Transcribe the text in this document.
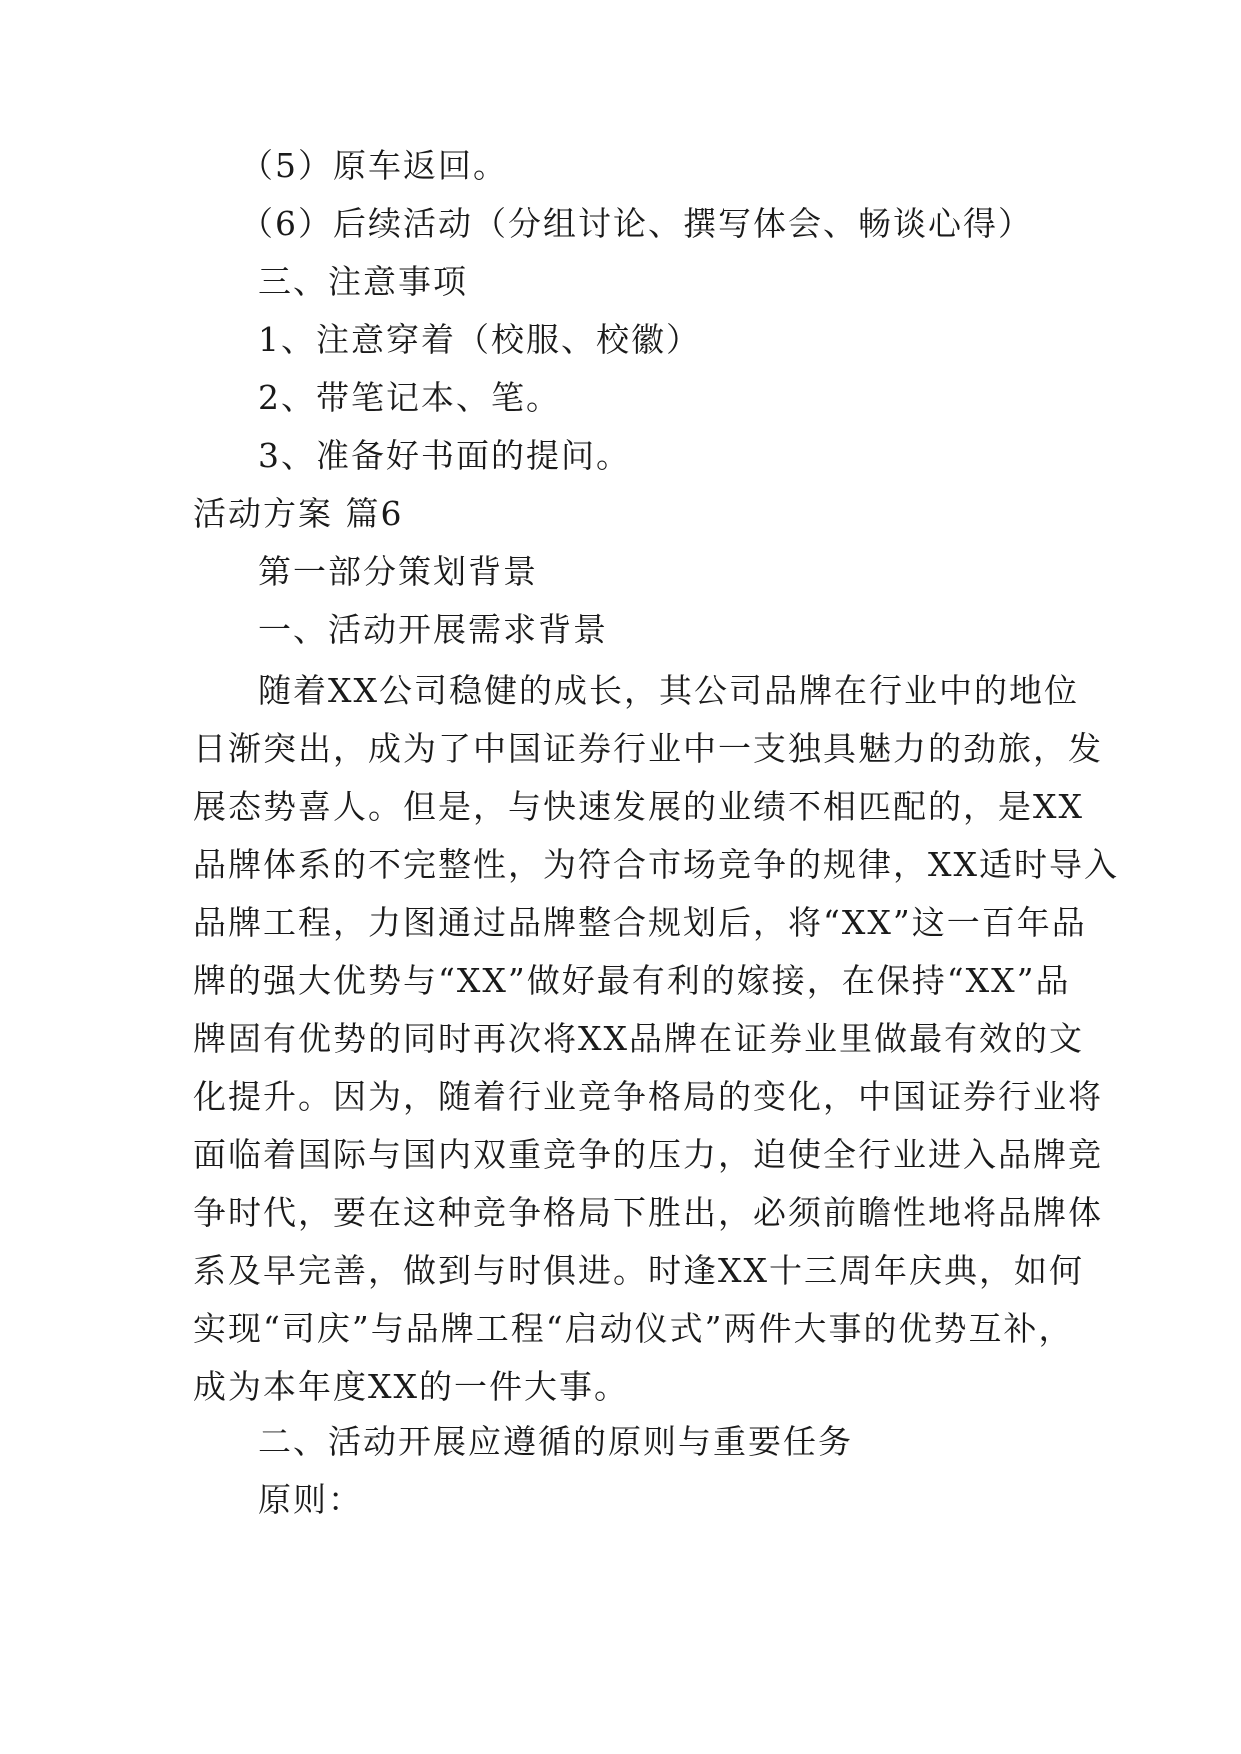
（5）原车返回。
（6）后续活动（分组讨论、撰写体会、畅谈心得）
三、注意事项
1、注意穿着（校服、校徽）
2、带笔记本、笔。
3、准备好书面的提问。
活动方案 篇6
第一部分策划背景
一、活动开展需求背景
随着XX公司稳健的成长，其公司品牌在行业中的地位
日渐突出，成为了中国证券行业中一支独具魅力的劲旅，发
展态势喜人。但是，与快速发展的业绩不相匹配的，是XX
品牌体系的不完整性，为符合市场竞争的规律，XX适时导入
品牌工程，力图通过品牌整合规划后，将“XX”这一百年品
牌的强大优势与“XX”做好最有利的嫁接，在保持“XX”品
牌固有优势的同时再次将XX品牌在证券业里做最有效的文
化提升。因为，随着行业竞争格局的变化，中国证券行业将
面临着国际与国内双重竞争的压力，迫使全行业进入品牌竞
争时代，要在这种竞争格局下胜出，必须前瞻性地将品牌体
系及早完善，做到与时俱进。时逢XX十三周年庆典，如何
实现“司庆”与品牌工程“启动仪式”两件大事的优势互补，
成为本年度XX的一件大事。
二、活动开展应遵循的原则与重要任务
原则：
